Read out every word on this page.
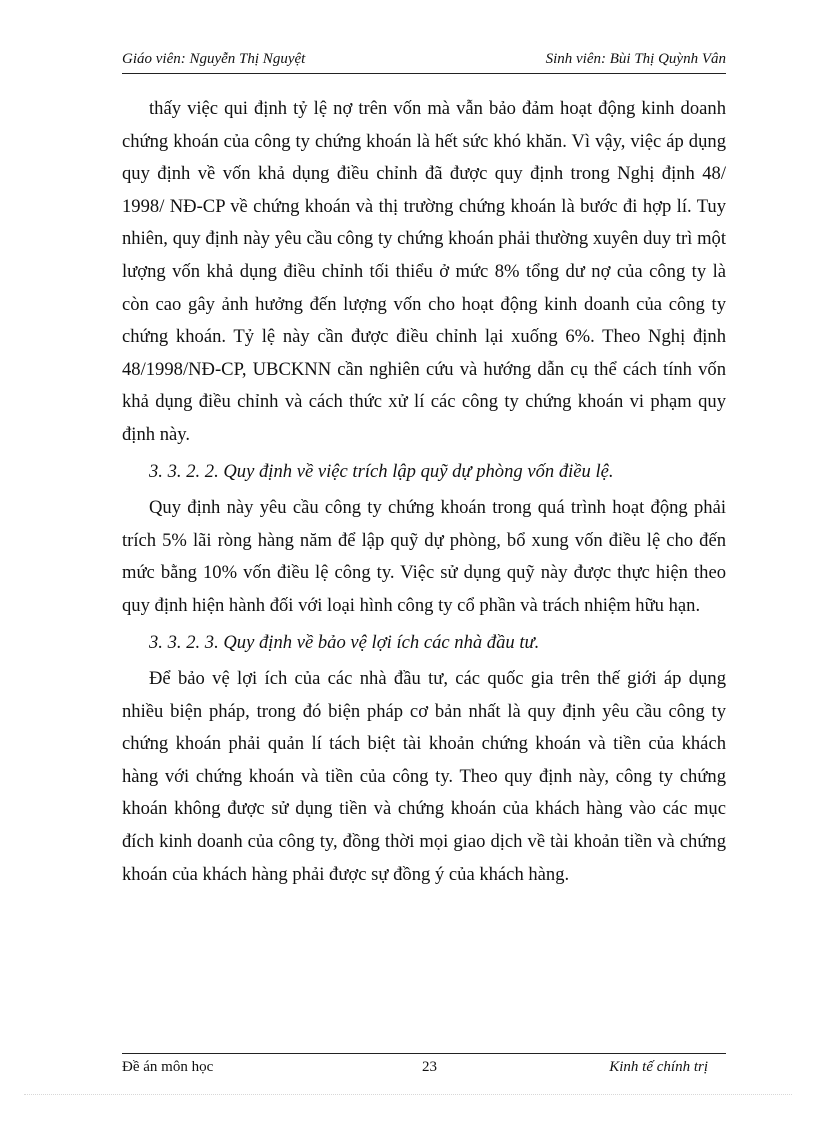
Giáo viên: Nguyễn Thị Nguyệt	Sinh viên: Bùi Thị Quỳnh Vân

thấy việc qui định tỷ lệ nợ trên vốn mà vẫn bảo đảm hoạt động kinh doanh chứng khoán của công ty chứng khoán là hết sức khó khăn. Vì vậy, việc áp dụng quy định về vốn khả dụng điều chỉnh đã được quy định trong Nghị định 48/ 1998/ NĐ-CP về chứng khoán và thị trường chứng khoán là bước đi hợp lí. Tuy nhiên, quy định này yêu cầu công ty chứng khoán phải thường xuyên duy trì một lượng vốn khả dụng điều chỉnh tối thiểu ở mức 8% tổng dư nợ của công ty là còn cao gây ảnh hưởng đến lượng vốn cho hoạt động kinh doanh của công ty chứng khoán. Tỷ lệ này cần được điều chỉnh lại xuống 6%. Theo Nghị định 48/1998/NĐ-CP, UBCKNN cần nghiên cứu và hướng dẫn cụ thể cách tính vốn khả dụng điều chỉnh và cách thức xử lí các công ty chứng khoán vi phạm quy định này.

3. 3. 2. 2. Quy định về việc trích lập quỹ dự phòng vốn điều lệ.

Quy định này yêu cầu công ty chứng khoán trong quá trình hoạt động phải trích 5% lãi ròng hàng năm để lập quỹ dự phòng, bổ xung vốn điều lệ cho đến mức bằng 10% vốn điều lệ công ty. Việc sử dụng quỹ này được thực hiện theo quy định hiện hành đối với loại hình công ty cổ phần và trách nhiệm hữu hạn.

3. 3. 2. 3. Quy định về bảo vệ lợi ích các nhà đầu tư.

Để bảo vệ lợi ích của các nhà đầu tư, các quốc gia trên thế giới áp dụng nhiều biện pháp, trong đó biện pháp cơ bản nhất là quy định yêu cầu công ty chứng khoán phải quản lí tách biệt tài khoản chứng khoán và tiền của khách hàng với chứng khoán và tiền của công ty. Theo quy định này, công ty chứng khoán không được sử dụng tiền và chứng khoán của khách hàng vào các mục đích kinh doanh của công ty, đồng thời mọi giao dịch về tài khoản tiền và chứng khoán của khách hàng phải được sự đồng ý của khách hàng.

Đề án môn học	23	Kinh tế chính trị
